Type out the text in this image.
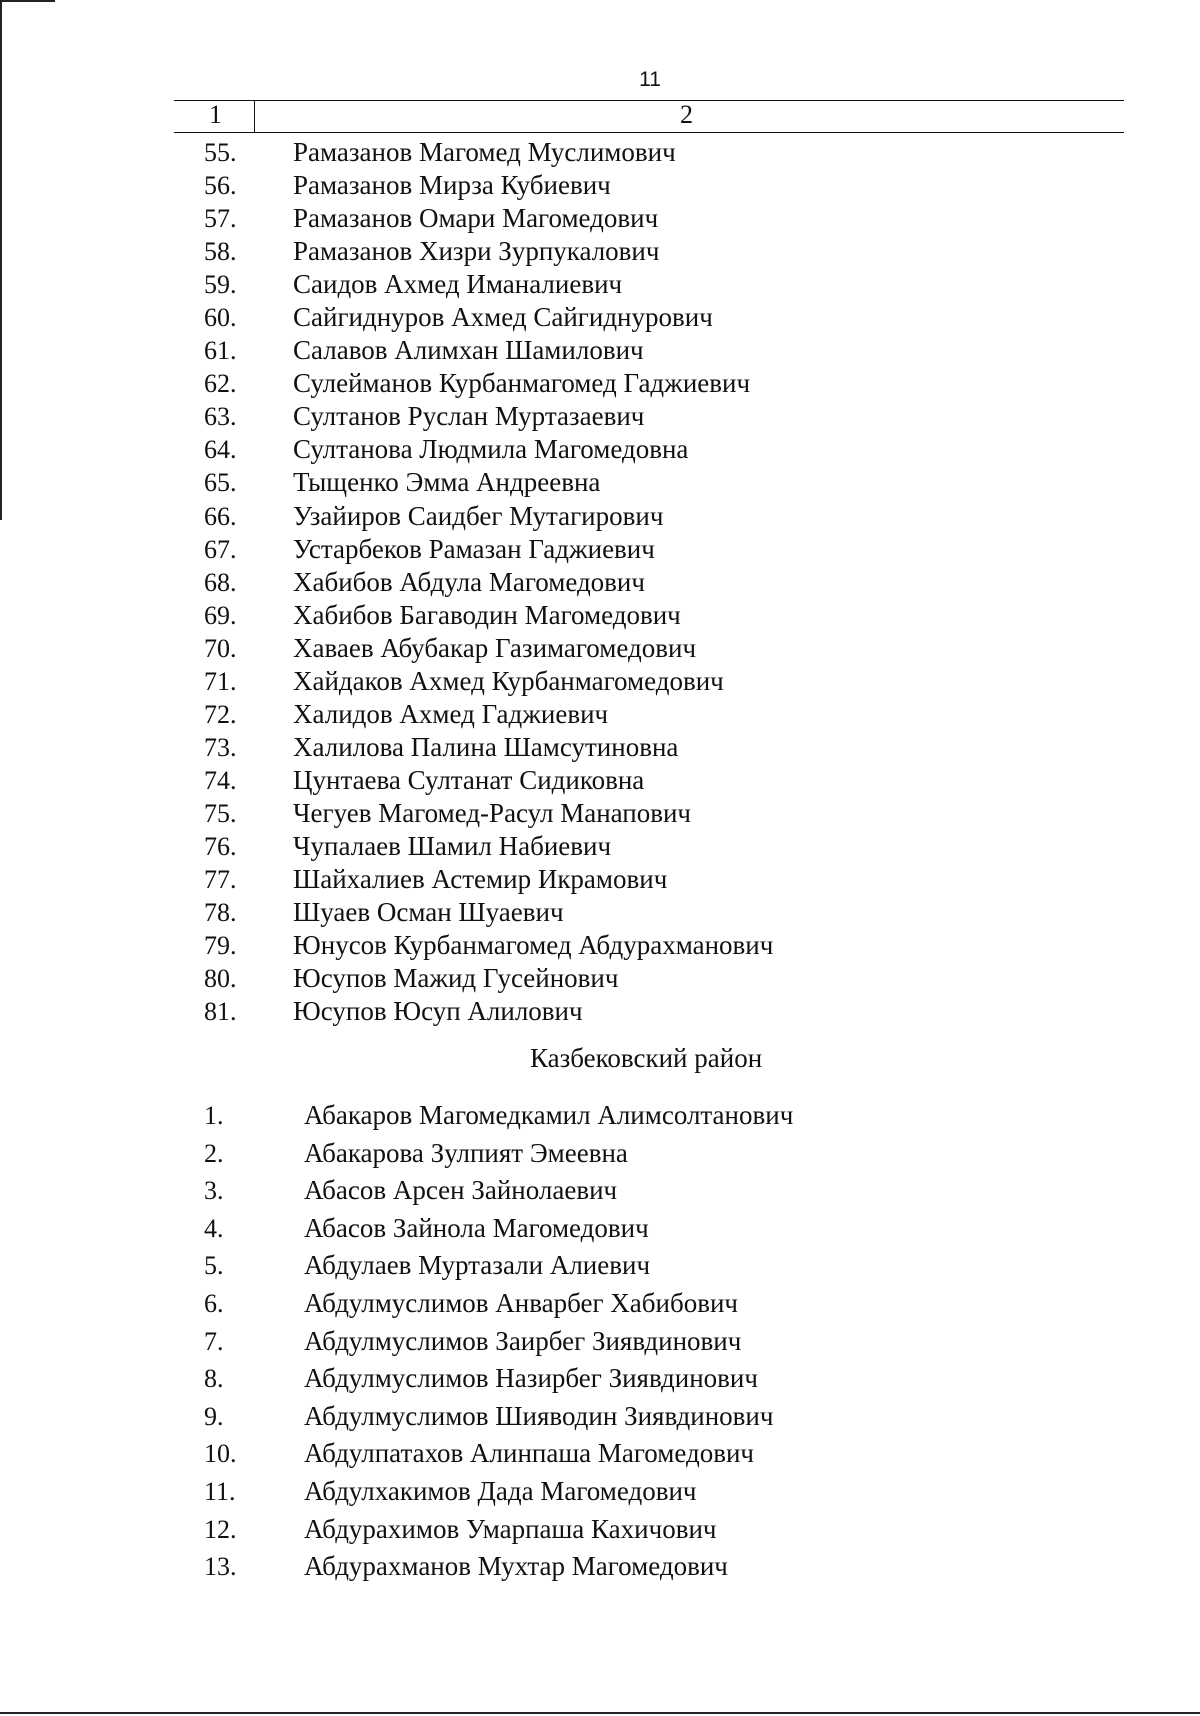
11
1	2
55.	Рамазанов Магомед Муслимович
56.	Рамазанов Мирза Кубиевич
57.	Рамазанов Омари Магомедович
58.	Рамазанов Хизри Зурпукалович
59.	Саидов Ахмед Иманалиевич
60.	Сайгиднуров Ахмед Сайгиднурович
61.	Салавов Алимхан Шамилович
62.	Сулейманов Курбанмагомед Гаджиевич
63.	Султанов Руслан Муртазаевич
64.	Султанова Людмила Магомедовна
65.	Тыщенко Эмма Андреевна
66.	Узайиров Саидбег Мутагирович
67.	Устарбеков Рамазан Гаджиевич
68.	Хабибов Абдула Магомедович
69.	Хабибов Багаводин Магомедович
70.	Хаваев Абубакар Газимагомедович
71.	Хайдаков Ахмед Курбанмагомедович
72.	Халидов Ахмед Гаджиевич
73.	Халилова Палина Шамсутиновна
74.	Цунтаева Султанат Сидиковна
75.	Чегуев Магомед-Расул Манапович
76.	Чупалаев Шамил Набиевич
77.	Шайхалиев Астемир Икрамович
78.	Шуаев Осман Шуаевич
79.	Юнусов Курбанмагомед Абдурахманович
80.	Юсупов Мажид Гусейнович
81.	Юсупов Юсуп Алилович
Казбековский район
1.	Абакаров Магомедкамил Алимсолтанович
2.	Абакарова Зулпият Эмеевна
3.	Абасов Арсен Зайнолаевич
4.	Абасов Зайнола Магомедович
5.	Абдулаев Муртазали Алиевич
6.	Абдулмуслимов Анварбег Хабибович
7.	Абдулмуслимов Заирбег Зиявдинович
8.	Абдулмуслимов Назирбег Зиявдинович
9.	Абдулмуслимов Шияводин Зиявдинович
10.	Абдулпатахов Алинпаша Магомедович
11.	Абдулхакимов Дада Магомедович
12.	Абдурахимов Умарпаша Кахичович
13.	Абдурахманов Мухтар Магомедович
